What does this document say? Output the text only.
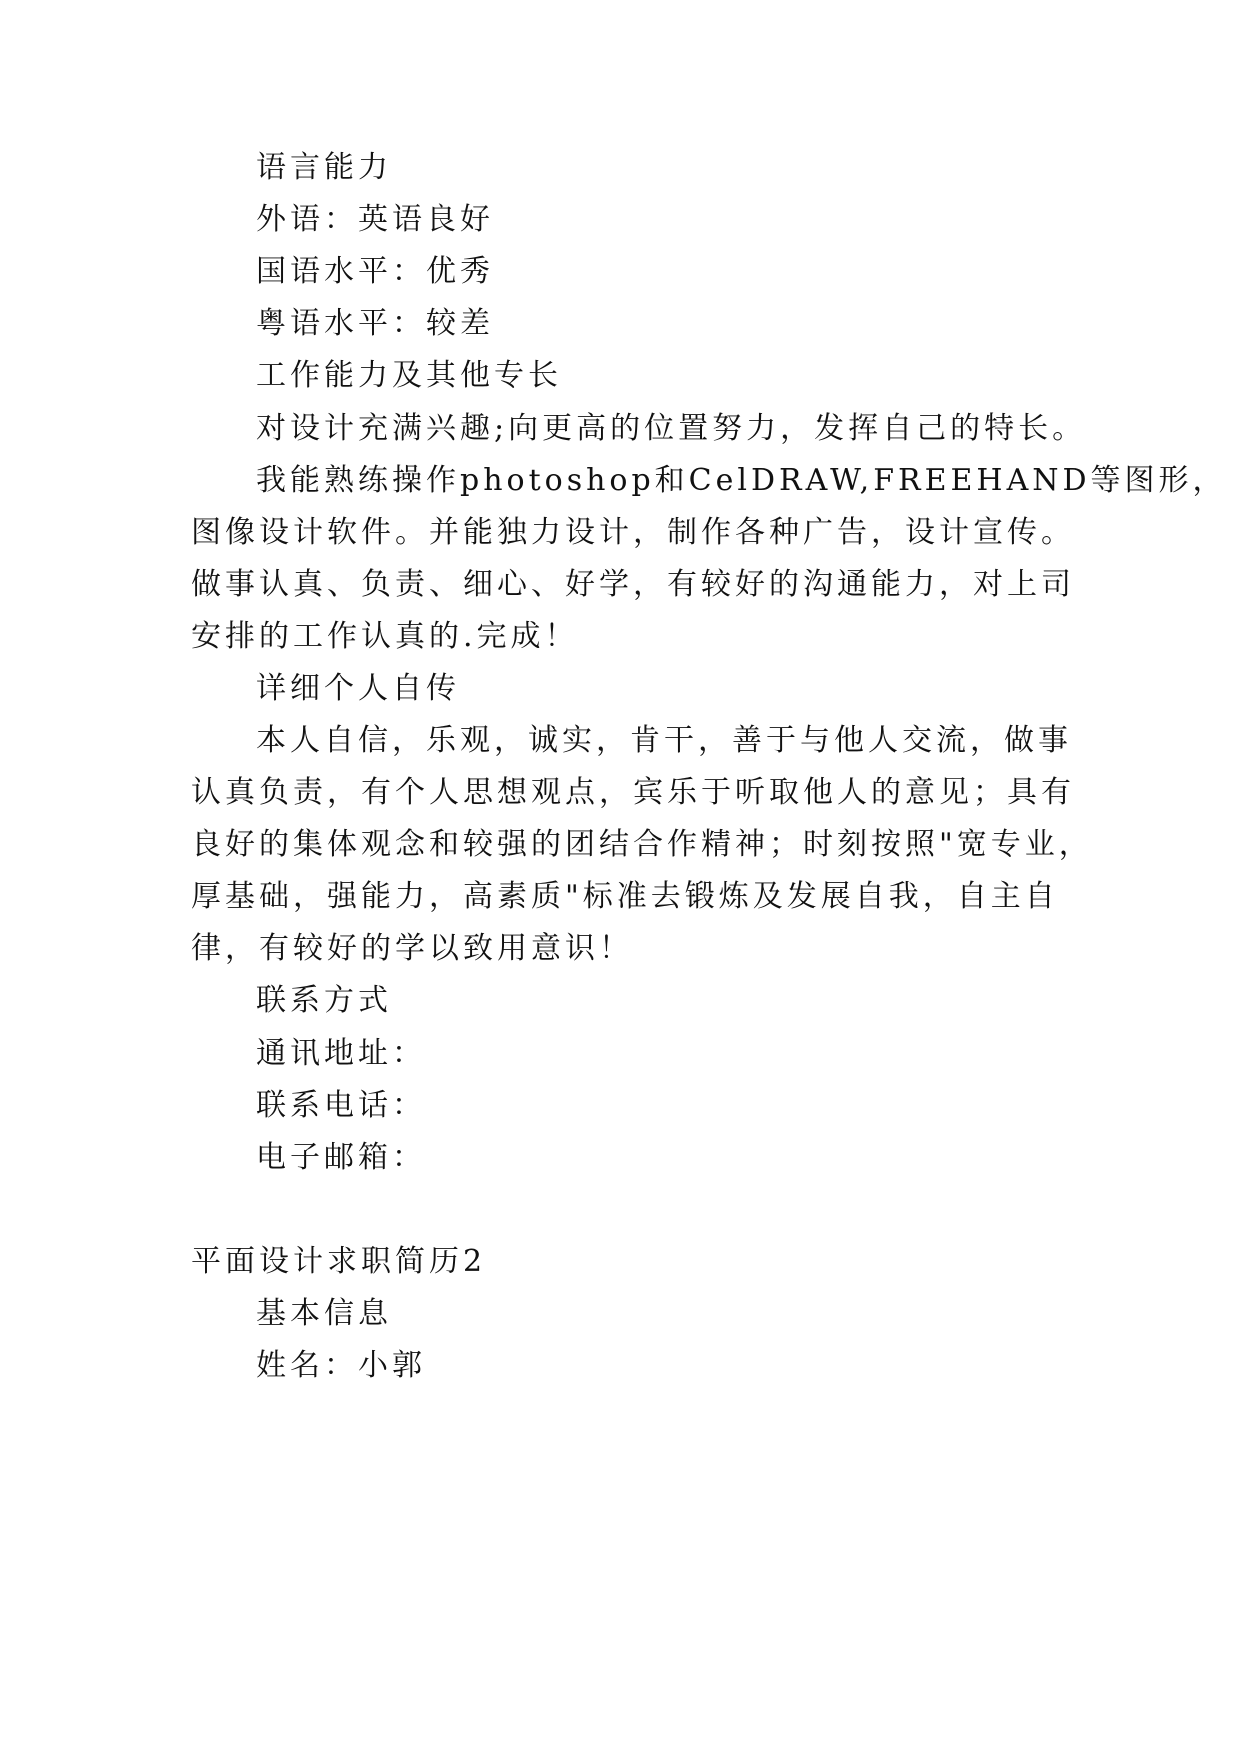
语言能力
外语：英语良好
国语水平：优秀
粤语水平：较差
工作能力及其他专长
对设计充满兴趣;向更高的位置努力，发挥自己的特长。
我能熟练操作photoshop和CelDRAW,FREEHAND等图形，
图像设计软件。并能独力设计，制作各种广告，设计宣传。
做事认真、负责、细心、好学，有较好的沟通能力，对上司
安排的工作认真的.完成！
详细个人自传
本人自信，乐观，诚实，肯干，善于与他人交流，做事
认真负责，有个人思想观点，宾乐于听取他人的意见；具有
良好的集体观念和较强的团结合作精神；时刻按照"宽专业，
厚基础，强能力，高素质"标准去锻炼及发展自我，自主自
律，有较好的学以致用意识！
联系方式
通讯地址：
联系电话：
电子邮箱：
平面设计求职简历2
基本信息
姓名：小郭
